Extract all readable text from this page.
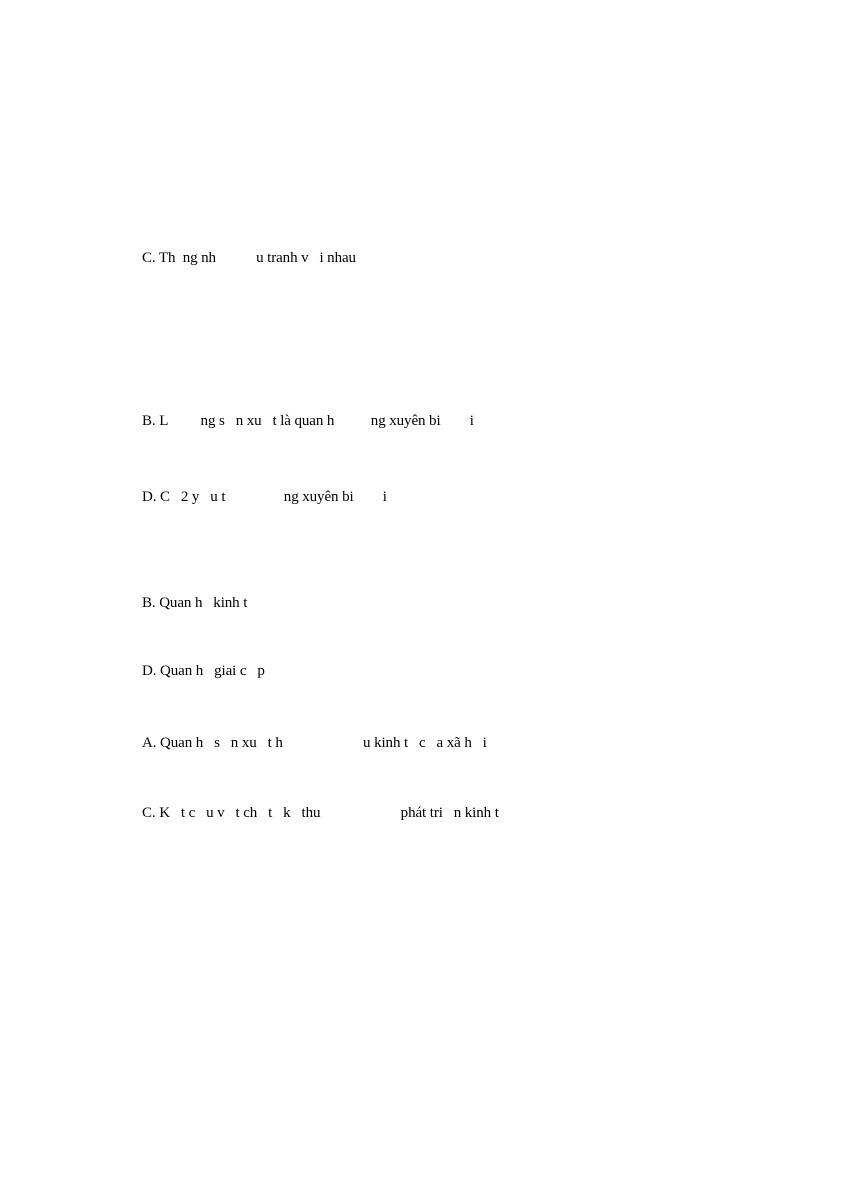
C. Th  ng nh           u tranh v   i nhau
B. L         ng s   n xu   t là quan h          ng xuyên bi        i
D. C   2 y   u t                ng xuyên bi        i
B. Quan h   kinh t
D. Quan h   giai c   p
A. Quan h   s   n xu   t h                      u kinh t   c   a xã h   i
C. K   t c   u v   t ch   t   k   thu                      phát tri   n kinh t
